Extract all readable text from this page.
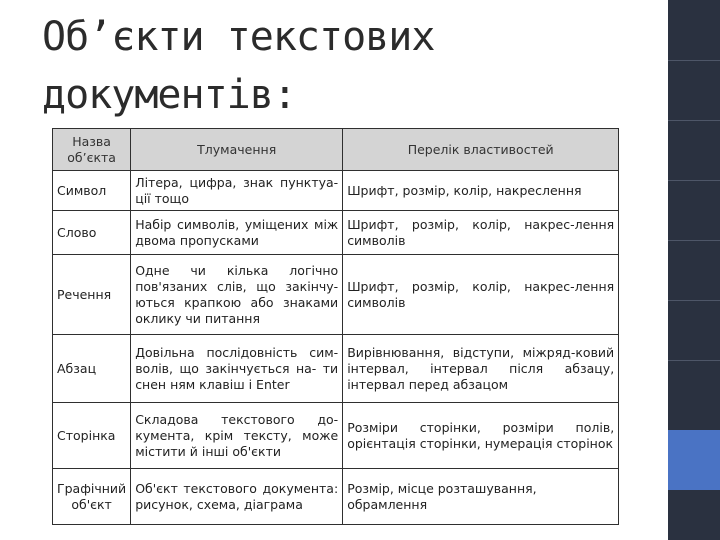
Об’єкти текстових
документів:
Назва об’єкта	Тлумачення	Перелік властивостей
Символ	Літера, цифра, знак пунктуа-ції тощо	Шрифт, розмір, колір, накреслення
Слово	Набір символів, уміщених між двома пропусками	Шрифт, розмір, колір, накрес-лення символів
Речення	Одне чи кілька логічно пов'язаних слів, що закінчу-ються крапкою або знаками оклику чи питання	Шрифт, розмір, колір, накрес-лення символів
Абзац	Довільна послідовність сим-волів, що закінчується на- ти снен ням клавіш і Enter	Вирівнювання, відступи, міжряд-ковий інтервал, інтервал після абзацу, інтервал перед абзацом
Сторінка	Складова текстового до-кумента, крім тексту, може містити й інші об'єкти	Розміри сторінки, розміри полів, орієнтація сторінки, нумерація сторінок
Графічний об'єкт	Об'єкт текстового документа: рисунок, схема, діаграма	Розмір, місце розташування, обрамлення
